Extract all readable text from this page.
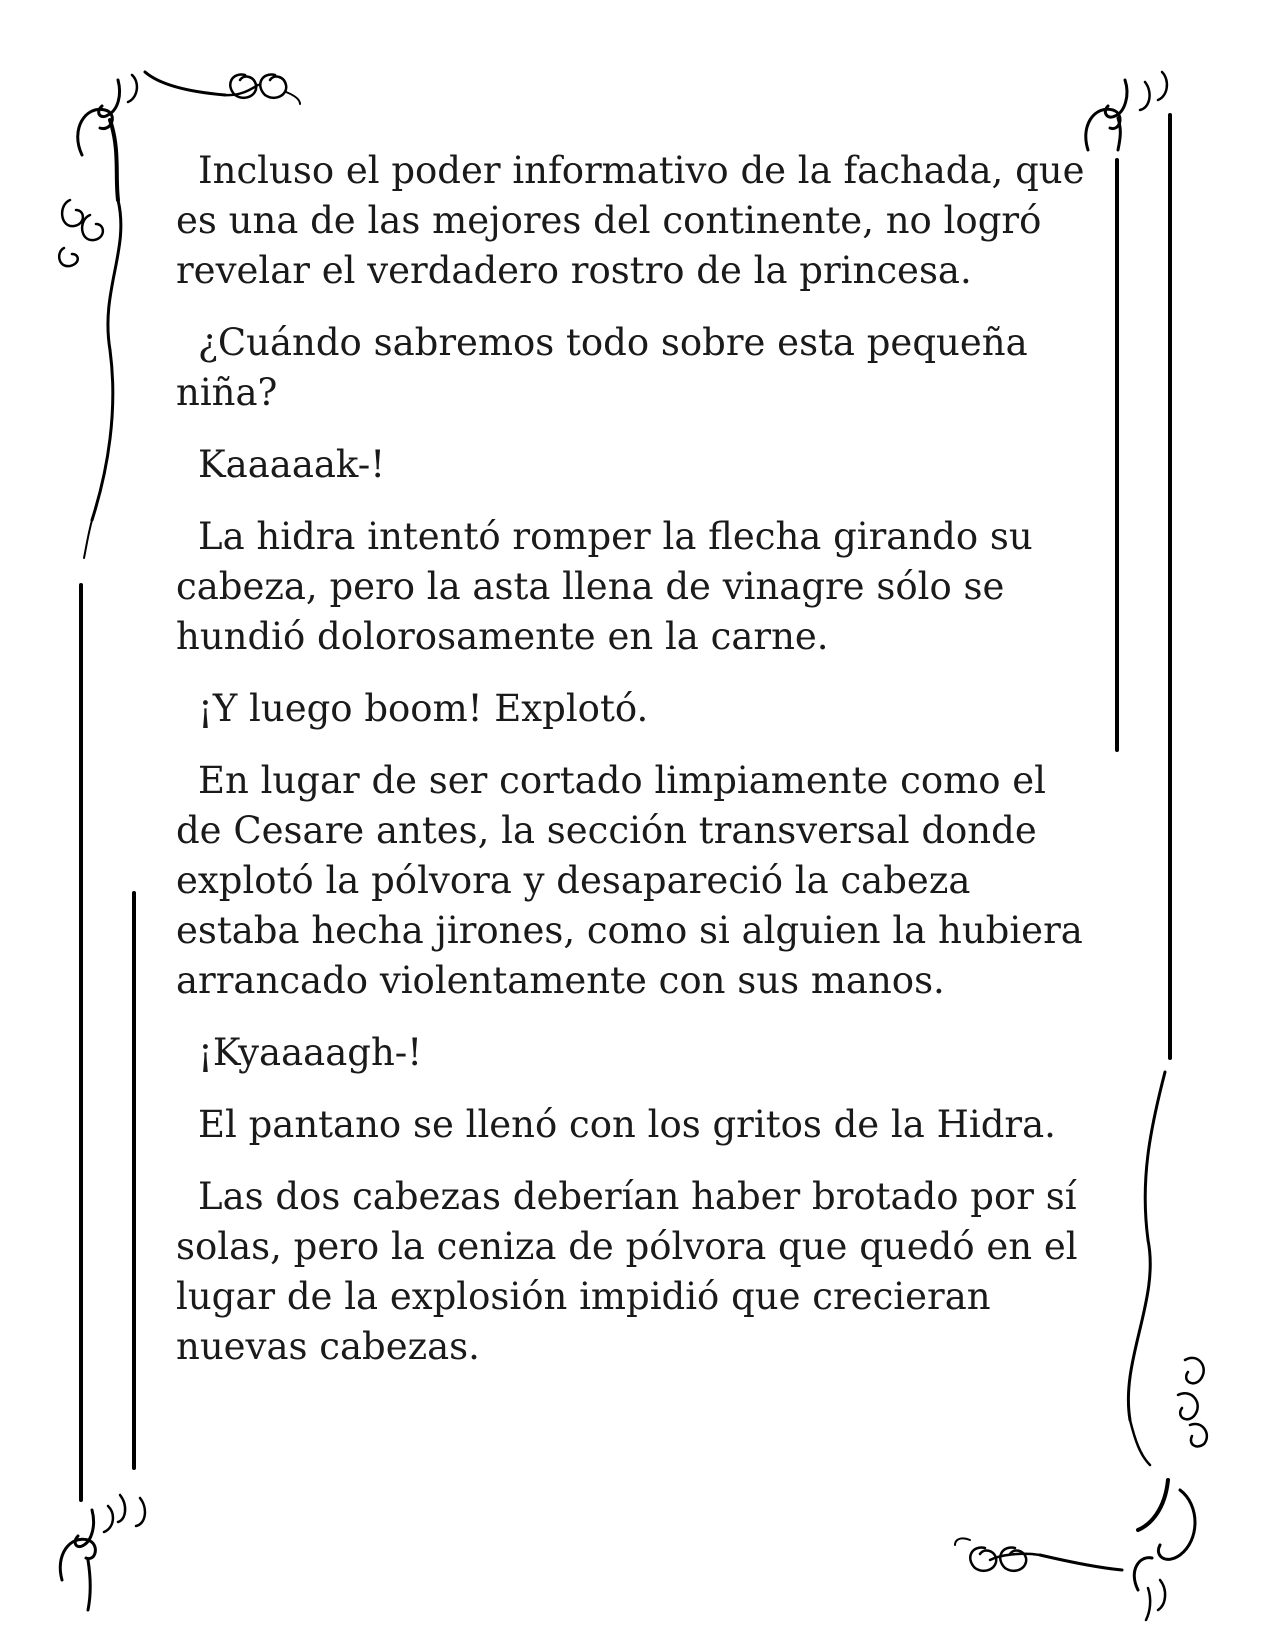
Incluso el poder informativo de la fachada, que es una de las mejores del continente, no logró revelar el verdadero rostro de la princesa.

¿Cuándo sabremos todo sobre esta pequeña niña?

Kaaaaak-!

La hidra intentó romper la flecha girando su cabeza, pero la asta llena de vinagre sólo se hundió dolorosamente en la carne.

¡Y luego boom! Explotó.

En lugar de ser cortado limpiamente como el de Cesare antes, la sección transversal donde explotó la pólvora y desapareció la cabeza estaba hecha jirones, como si alguien la hubiera arrancado violentamente con sus manos.

¡Kyaaaagh-!

El pantano se llenó con los gritos de la Hidra.

Las dos cabezas deberían haber brotado por sí solas, pero la ceniza de pólvora que quedó en el lugar de la explosión impidió que crecieran nuevas cabezas.
